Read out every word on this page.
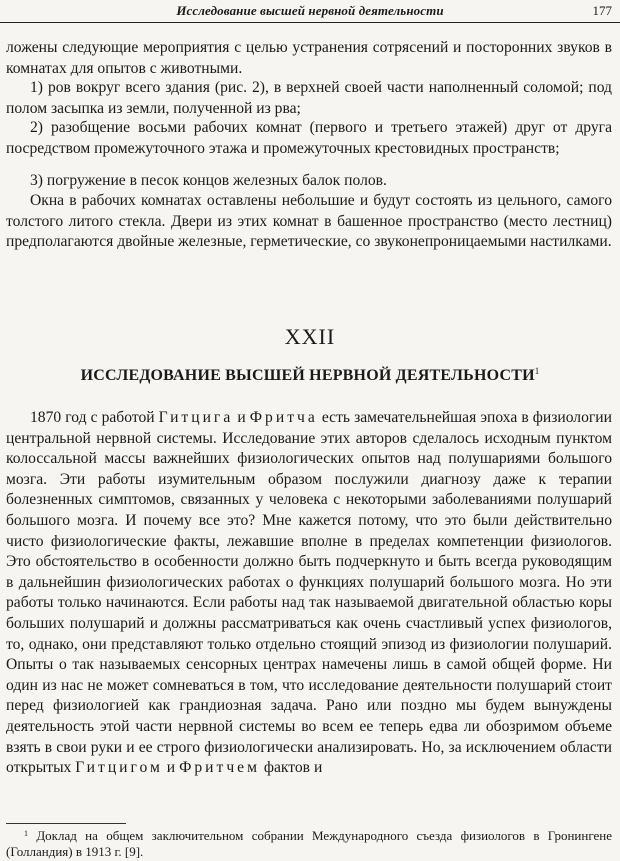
Исследование высшей нервной деятельности	177

ложены следующие мероприятия с целью устранения сотрясений и посторонних звуков в комнатах для опытов с животными.

1) ров вокруг всего здания (рис. 2), в верхней своей части наполненный соломой; под полом засыпка из земли, полученной из рва;

2) разобщение восьми рабочих комнат (первого и третьего этажей) друг от друга посредством промежуточного этажа и промежуточных крестовидных пространств;

3) погружение в песок концов железных балок полов.

Окна в рабочих комнатах оставлены небольшие и будут состоять из цельного, самого толстого литого стекла. Двери из этих комнат в башенное пространство (место лестниц) предполагаются двойные железные, герметические, со звуконепроницаемыми настилками.

XXII
ИССЛЕДОВАНИЕ ВЫСШЕЙ НЕРВНОЙ ДЕЯТЕЛЬНОСТИ$^1$

1870 год с работой Гитцига и Фритча есть замечательнейшая эпоха в физиологии центральной нервной системы. Исследование этих авторов сделалось исходным пунктом колоссальной массы важнейших физиологических опытов над полушариями большого мозга. Эти работы изумительным образом послужили диагнозу даже к терапии болезненных симптомов, связанных у человека с некоторыми заболеваниями полушарий большого мозга. И почему все это? Мне кажется потому, что это были действительно чисто физиологические факты, лежавшие вполне в пределах компетенции физиологов. Это обстоятельство в особенности должно быть подчеркнуто и быть всегда руководящим в дальнейшин физиологических работах о функциях полушарий большого мозга. Но эти работы только начинаются. Если работы над так называемой двигательной областью коры больших полушарий и должны рассматриваться как очень счастливый успех физиологов, то, однако, они представляют только отдельно стоящий эпизод из физиологии полушарий. Опыты о так называемых сенсорных центрах намечены лишь в самой общей форме. Ни один из нас не может сомневаться в том, что исследование деятельности полушарий стоит перед физиологией как грандиозная задача. Рано или поздно мы будем вынуждены деятельность этой части нервной системы во всем ее теперь едва ли обозримом объеме взять в свои руки и ее строго физиологически анализировать. Но, за исключением области открытых Гитцигом и Фритчем фактов и

$^1$ Доклад на общем заключительном собрании Международного съезда физиологов в Гронингене (Голландия) в 1913 г. [9].
